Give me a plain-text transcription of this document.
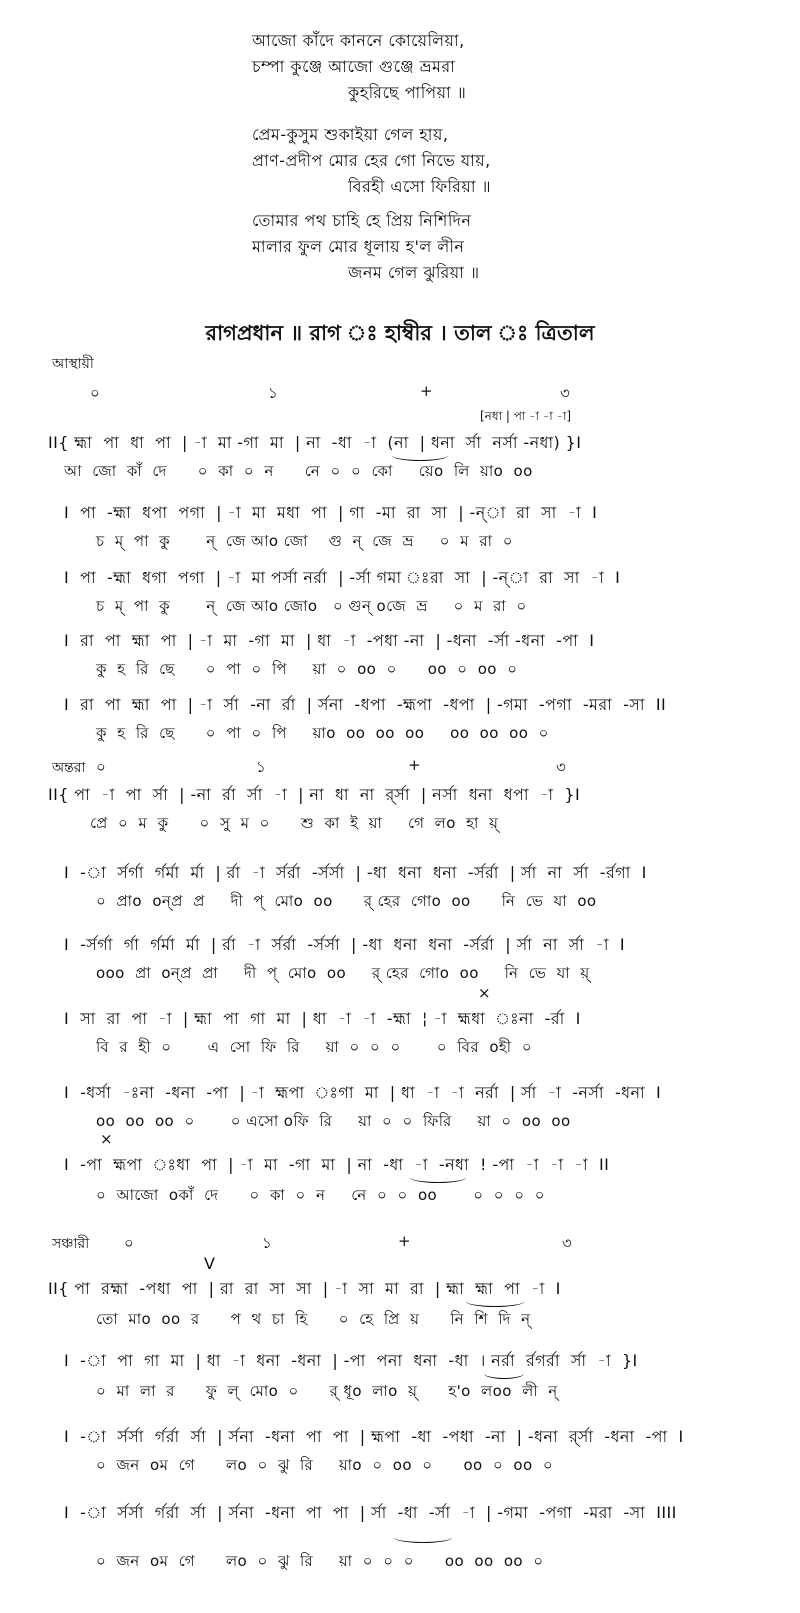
আজো কাঁদে কাননে কোয়েলিয়া,
চম্পা কুঞ্জে আজো গুঞ্জে ভ্রমরা
কুহরিছে পাপিয়া ॥
প্রেম-কুসুম শুকাইয়া গেল হায়,
প্রাণ-প্রদীপ মোর হের গো নিভে যায়,
বিরহী এসো ফিরিয়া ॥
তোমার পথ চাহি হে প্রিয় নিশিদিন
মালার ফুল মোর ধূলায় হ'ল লীন
জনম গেল ঝুরিয়া ॥
রাগপ্রধান ॥ রাগ ঃ হাম্বীর । তাল ঃ ত্রিতাল
আস্থায়ী
০	১	+	৩
[নধা | পা -া -া -া]
II{ হ্মা  পা  ধা  পা  | -া  মা -গা  মা  | না  -ধা  -া  (না  | ধনা  র্সা  নর্সা -নধা) }I
আ  জো  কাঁ  দে      ০  কা  ০  ন      নে  ০  ০  কো     য়েo  লি  য়াo  oo
I  পা  -হ্মা  ধপা  পগা  | -া  মা  মধা  পা  | গা  -মা  রা  সা  | -ন্‌া  রা  সা  -া  I
চ  ম্‌  পা  কু       ন্‌  জে আo জো    গু  ন্‌  জে  ভ্র     ০  ম  রা  ০
I  পা  -হ্মা  ধগা  পগা  | -া  মা পর্সা নর্রা  | -র্সা গমা ঃরা  সা  | -ন্‌া  রা  সা  -া  I
চ  ম্‌  পা  কু       ন্‌  জে আo জোo   ০ গুন্‌ oজে  ভ্র     ০  ম  রা  ০
I  রা  পা  হ্মা  পা  | -া  মা  -গা  মা  | ধা  -া  -পধা -না  | -ধনা  -র্সা -ধনা  -পা  I
কু  হ  রি  ছে      ০  পা  ০  পি     য়া  ০  oo  ০      oo  ০  oo  ০
I  রা  পা  হ্মা  পা  | -া  র্সা  -না  র্রা  | র্সনা  -ধপা  -হ্মপা  -ধপা  | -গমা  -পগা  -মরা  -সা  II
কু  হ  রি  ছে      ০  পা  ০  পি     য়াo  oo  oo  oo     oo  oo  oo  ০
অন্তরা ০	১	+	৩
II{ পা  -া  পা  র্সা  | -না  র্রা  র্সা  -া  | না  ধা  না  র্র্সা  | নর্সা  ধনা  ধপা  -া  }I
প্রে  ০  ম  কু      ০  সু  ম  ০      শু  কা  ই  য়া     গে  লo  হা  য়্‌
I  -া  র্সর্গা  র্গর্মা  র্মা  | র্রা  -া  র্সর্রা  -র্সর্সা  | -ধা  ধনা  ধনা  -র্সর্রা  | র্সা  না  র্সা  -র্রগা  I
০  প্রাo  oন্‌প্র  প্র     দী  প্‌  মোo  oo      র্‌ হের  গোo  oo      নি  ভে  যা  oo
I  -র্সর্গা  র্গা  র্গর্মা  র্মা  | র্রা  -া  র্সর্রা  -র্সর্সা  | -ধা  ধনা  ধনা  -র্সর্রা  | র্সা  না  র্সা  -া  I
ooo  প্রা  oন্‌প্র  প্রা     দী  প্‌  মোo  oo     র্‌ হের  গোo  oo     নি  ভে  যা  য়্‌
×
I  সা  রা  পা  -া  | হ্মা  পা  গা  মা  | ধা  -া  -া  -হ্মা  ¦ -া  হ্মধা  ঃনা  -র্রা  I
বি  র  হী  ০       এ  সো  ফি  রি     য়া  ০  ০  ০       ০  বির  oহী  ০
I  -ধর্সা  -ঃনা  -ধনা  -পা  | -া  হ্মপা  ঃগা  মা  | ধা  -া  -া  নর্রা  | র্সা  -া  -নর্সা  -ধনা  I
oo  oo  oo  ০       ০ এসো oফি  রি     য়া  ০  ০  ফিরি     য়া  ০  oo  oo
×
I  -পা  হ্মপা  ঃধা  পা  | -া  মা  -গা  মা  | না  -ধা  -া  -নধা  ! -পা  -া  -া  -া  II
০  আজো  oকাঁ  দে      ০  কা  ০  ন     নে  ০  ০  oo       ০  ০  ০  ০
সঞ্চারী ০	১	+	৩
V
II{ পা  রহ্মা  -পধা  পা  | রা  রা  সা  সা  | -া  সা  মা  রা  | হ্মা  হ্মা  পা  -া  I
তো  মাo  oo  র      প  থ  চা  হি      ০  হে  প্রি  য়      নি  শি  দি  ন্‌
I  -া  পা  গা  মা  | ধা  -া  ধনা  -ধনা  | -পা  পনা  ধনা  -ধা  । নর্রা  র্রগর্রা  র্সা  -া  }I
০  মা  লা  র      ফু  ল্‌  মোo  ০      র্‌ ধূo  লাo  য়্‌      হ'o  লoo  লী  ন্‌
I  -া  র্সর্সা  র্গর্রা  র্সা  | র্সনা  -ধনা  পা  পা  | হ্মপা  -ধা  -পধা  -না  | -ধনা  র্র্সা  -ধনা  -পা  I
০  জন  oম  গে      লo  ০  ঝু  রি     য়াo  ০  oo  ০      oo  ০  oo  ০
I  -া  র্সর্সা  র্গর্রা  র্সা  | র্সনা  -ধনা  পা  পা  | র্সা  -ধা  -র্সা  -া  | -গমা  -পগা  -মরা  -সা  IIII
০  জন  oম  গে      লo  ০  ঝু  রি     য়া  ০  ০  ০      oo  oo  oo  ০
